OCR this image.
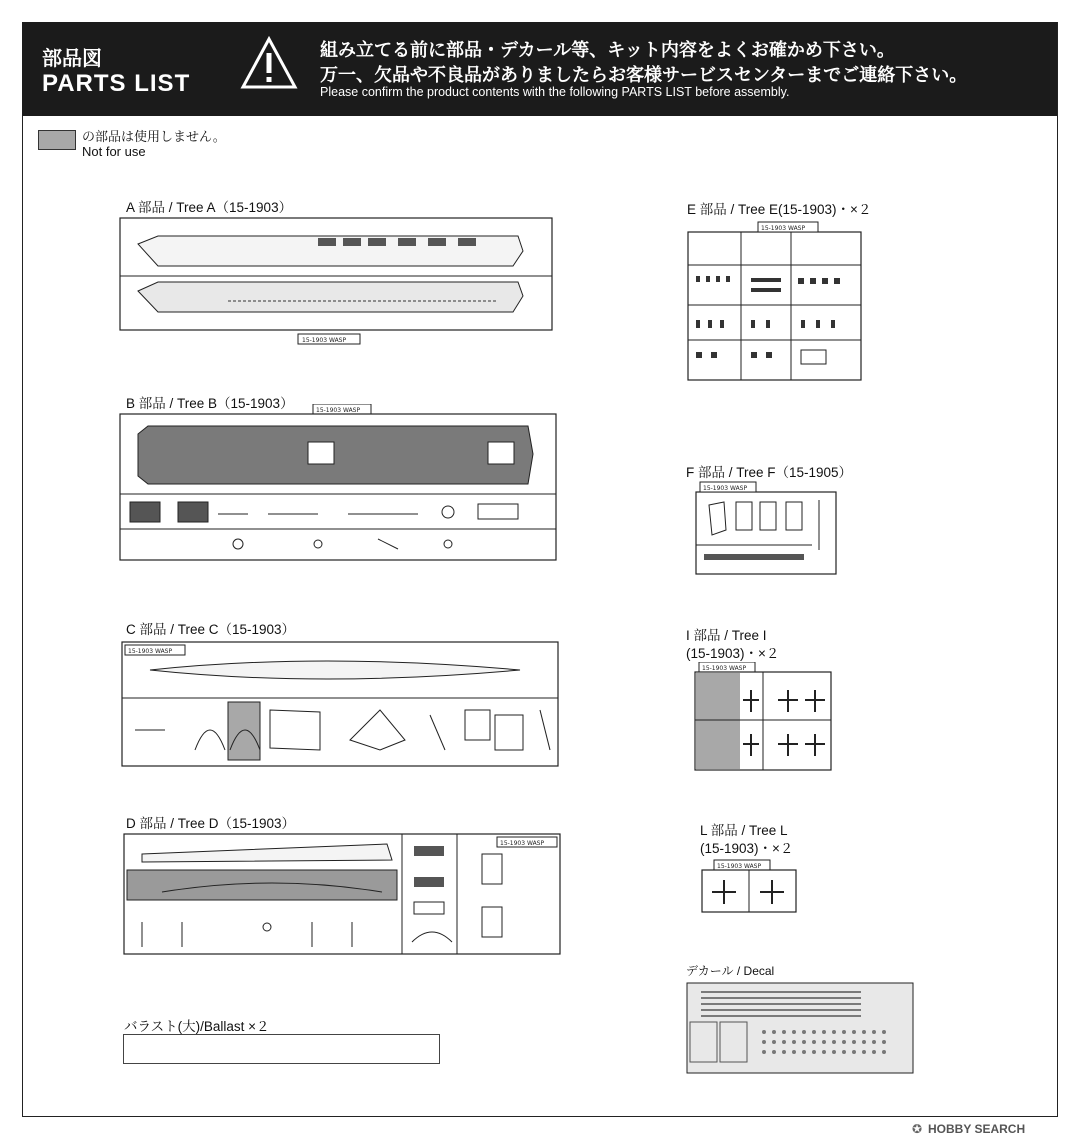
部品図
PARTS LIST
組み立てる前に部品・デカール等、キット内容をよくお確かめ下さい。
万一、欠品や不良品がありましたらお客様サービスセンターまでご連絡下さい。
Please confirm the product contents with the following PARTS LIST before assembly.
の部品は使用しません。
Not for use
A 部品 / Tree A（15-1903）
15-1903 WASP
B 部品 / Tree B（15-1903）	15-1903 WASP
C 部品 / Tree C（15-1903）
15-1903 WASP
D 部品 / Tree D（15-1903）
15-1903 WASP
E 部品 / Tree E(15-1903)・×２
15-1903 WASP
F 部品 / Tree F（15-1905）
15-1903 WASP
I 部品 / Tree I
(15-1903)・×２
15-1903 WASP
L 部品 / Tree L
(15-1903)・×２
15-1903 WASP
デカール / Decal
バラスト(大)/Ballast ×２
✪ HOBBY SEARCH
